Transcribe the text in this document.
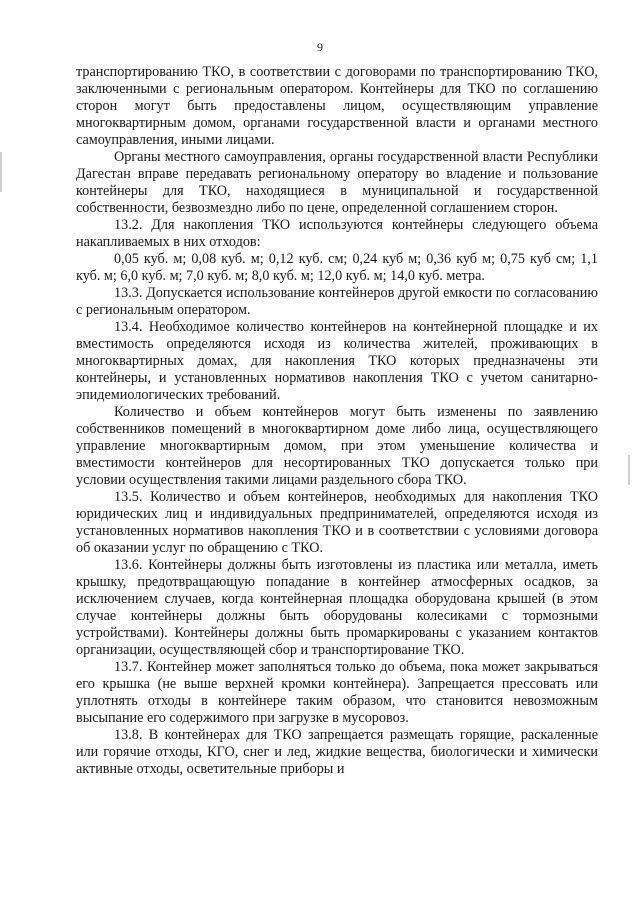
9

транспортированию ТКО, в соответствии с договорами по транспортированию ТКО, заключенными с региональным оператором. Контейнеры для ТКО по соглашению сторон могут быть предоставлены лицом, осуществляющим управление многоквартирным домом, органами государственной власти и органами местного самоуправления, иными лицами.

Органы местного самоуправления, органы государственной власти Республики Дагестан вправе передавать региональному оператору во владение и пользование контейнеры для ТКО, находящиеся в муниципальной и государственной собственности, безвозмездно либо по цене, определенной соглашением сторон.

13.2. Для накопления ТКО используются контейнеры следующего объема накапливаемых в них отходов:

0,05 куб. м; 0,08 куб. м; 0,12 куб. см; 0,24 куб м; 0,36 куб м; 0,75 куб см; 1,1 куб. м; 6,0 куб. м; 7,0 куб. м; 8,0 куб. м; 12,0 куб. м; 14,0 куб. метра.

13.3. Допускается использование контейнеров другой емкости по согласованию с региональным оператором.

13.4. Необходимое количество контейнеров на контейнерной площадке и их вместимость определяются исходя из количества жителей, проживающих в многоквартирных домах, для накопления ТКО которых предназначены эти контейнеры, и установленных нормативов накопления ТКО с учетом санитарно-эпидемиологических требований.

Количество и объем контейнеров могут быть изменены по заявлению собственников помещений в многоквартирном доме либо лица, осуществляющего управление многоквартирным домом, при этом уменьшение количества и вместимости контейнеров для несортированных ТКО допускается только при условии осуществления такими лицами раздельного сбора ТКО.

13.5. Количество и объем контейнеров, необходимых для накопления ТКО юридических лиц и индивидуальных предпринимателей, определяются исходя из установленных нормативов накопления ТКО и в соответствии с условиями договора об оказании услуг по обращению с ТКО.

13.6. Контейнеры должны быть изготовлены из пластика или металла, иметь крышку, предотвращающую попадание в контейнер атмосферных осадков, за исключением случаев, когда контейнерная площадка оборудована крышей (в этом случае контейнеры должны быть оборудованы колесиками с тормозными устройствами). Контейнеры должны быть промаркированы с указанием контактов организации, осуществляющей сбор и транспортирование ТКО.

13.7. Контейнер может заполняться только до объема, пока может закрываться его крышка (не выше верхней кромки контейнера). Запрещается прессовать или уплотнять отходы в контейнере таким образом, что становится невозможным высыпание его содержимого при загрузке в мусоровоз.

13.8. В контейнерах для ТКО запрещается размещать горящие, раскаленные или горячие отходы, КГО, снег и лед, жидкие вещества, биологически и химически активные отходы, осветительные приборы и
